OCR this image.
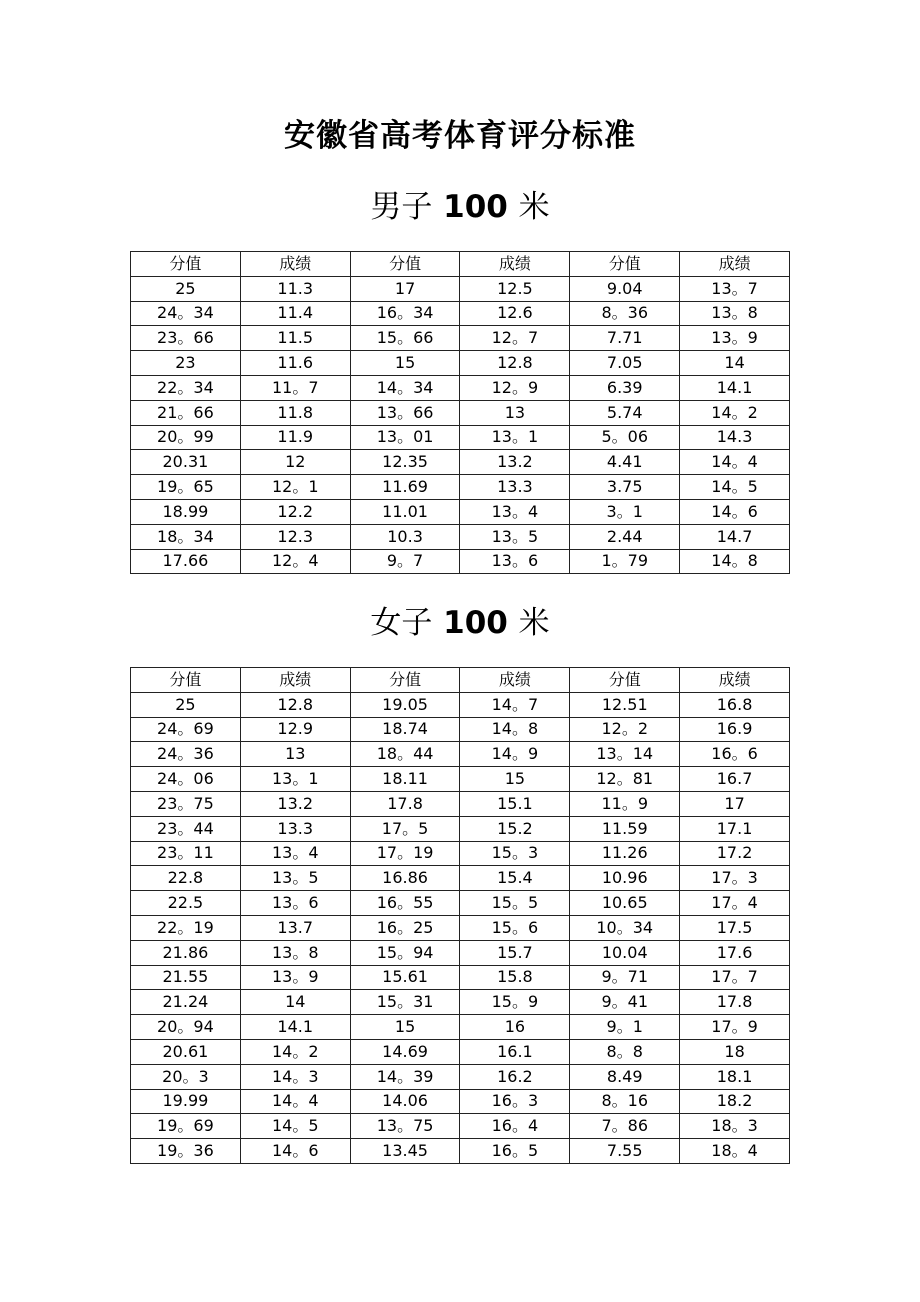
安徽省高考体育评分标准
男子 100 米
分值	成绩	分值	成绩	分值	成绩
25	11.3	17	12.5	9.04	13。7
24。34	11.4	16。34	12.6	8。36	13。8
23。66	11.5	15。66	12。7	7.71	13。9
23	11.6	15	12.8	7.05	14
22。34	11。7	14。34	12。9	6.39	14.1
21。66	11.8	13。66	13	5.74	14。2
20。99	11.9	13。01	13。1	5。06	14.3
20.31	12	12.35	13.2	4.41	14。4
19。65	12。1	11.69	13.3	3.75	14。5
18.99	12.2	11.01	13。4	3。1	14。6
18。34	12.3	10.3	13。5	2.44	14.7
17.66	12。4	9。7	13。6	1。79	14。8
女子 100 米
分值	成绩	分值	成绩	分值	成绩
25	12.8	19.05	14。7	12.51	16.8
24。69	12.9	18.74	14。8	12。2	16.9
24。36	13	18。44	14。9	13。14	16。6
24。06	13。1	18.11	15	12。81	16.7
23。75	13.2	17.8	15.1	11。9	17
23。44	13.3	17。5	15.2	11.59	17.1
23。11	13。4	17。19	15。3	11.26	17.2
22.8	13。5	16.86	15.4	10.96	17。3
22.5	13。6	16。55	15。5	10.65	17。4
22。19	13.7	16。25	15。6	10。34	17.5
21.86	13。8	15。94	15.7	10.04	17.6
21.55	13。9	15.61	15.8	9。71	17。7
21.24	14	15。31	15。9	9。41	17.8
20。94	14.1	15	16	9。1	17。9
20.61	14。2	14.69	16.1	8。8	18
20。3	14。3	14。39	16.2	8.49	18.1
19.99	14。4	14.06	16。3	8。16	18.2
19。69	14。5	13。75	16。4	7。86	18。3
19。36	14。6	13.45	16。5	7.55	18。4
